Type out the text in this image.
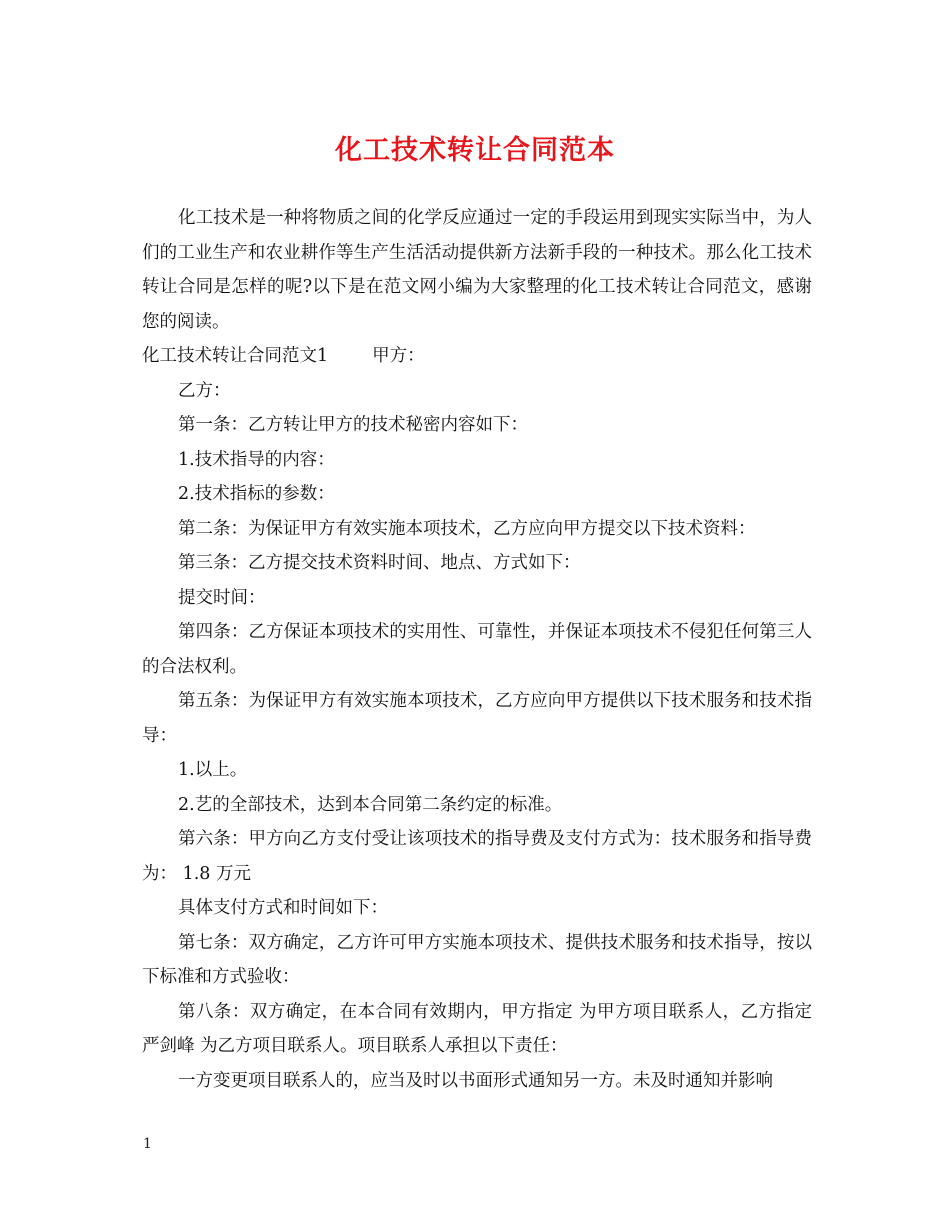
化工技术转让合同范本

化工技术是一种将物质之间的化学反应通过一定的手段运用到现实实际当中，为人们的工业生产和农业耕作等生产生活活动提供新方法新手段的一种技术。那么化工技术转让合同是怎样的呢?以下是在范文网小编为大家整理的化工技术转让合同范文，感谢您的阅读。

化工技术转让合同范文1	甲方：

乙方：

第一条：乙方转让甲方的技术秘密内容如下：

1.技术指导的内容：

2.技术指标的参数：

第二条：为保证甲方有效实施本项技术，乙方应向甲方提交以下技术资料：

第三条：乙方提交技术资料时间、地点、方式如下：

提交时间：

第四条：乙方保证本项技术的实用性、可靠性，并保证本项技术不侵犯任何第三人的合法权利。

第五条：为保证甲方有效实施本项技术，乙方应向甲方提供以下技术服务和技术指导：

1.以上。

2.艺的全部技术，达到本合同第二条约定的标准。

第六条：甲方向乙方支付受让该项技术的指导费及支付方式为：技术服务和指导费为： 1.8 万元

具体支付方式和时间如下：

第七条：双方确定，乙方许可甲方实施本项技术、提供技术服务和技术指导，按以下标准和方式验收：

第八条：双方确定，在本合同有效期内，甲方指定 为甲方项目联系人，乙方指定 严剑峰 为乙方项目联系人。项目联系人承担以下责任：

一方变更项目联系人的，应当及时以书面形式通知另一方。未及时通知并影响

1
